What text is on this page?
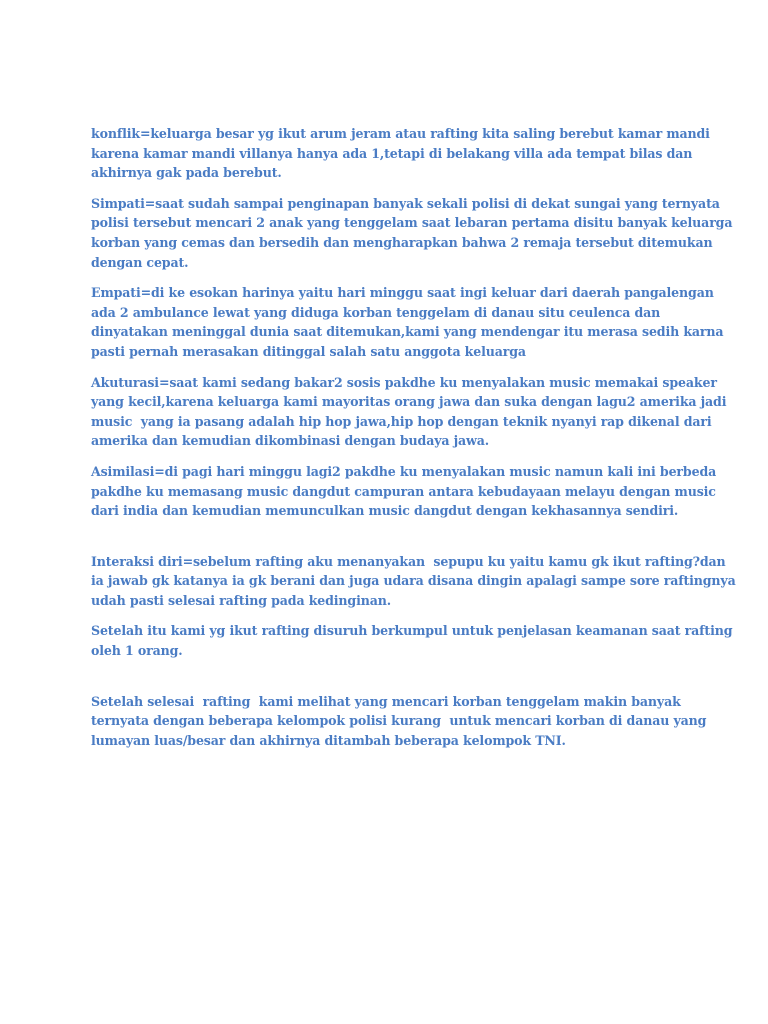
konflik=keluarga besar yg ikut arum jeram atau rafting kita saling berebut kamar mandi
karena kamar mandi villanya hanya ada 1,tetapi di belakang villa ada tempat bilas dan
akhirnya gak pada berebut.

Simpati=saat sudah sampai penginapan banyak sekali polisi di dekat sungai yang ternyata
polisi tersebut mencari 2 anak yang tenggelam saat lebaran pertama disitu banyak keluarga
korban yang cemas dan bersedih dan mengharapkan bahwa 2 remaja tersebut ditemukan
dengan cepat.

Empati=di ke esokan harinya yaitu hari minggu saat ingi keluar dari daerah pangalengan
ada 2 ambulance lewat yang diduga korban tenggelam di danau situ ceulenca dan
dinyatakan meninggal dunia saat ditemukan,kami yang mendengar itu merasa sedih karna
pasti pernah merasakan ditinggal salah satu anggota keluarga

Akuturasi=saat kami sedang bakar2 sosis pakdhe ku menyalakan music memakai speaker
yang kecil,karena keluarga kami mayoritas orang jawa dan suka dengan lagu2 amerika jadi
music  yang ia pasang adalah hip hop jawa,hip hop dengan teknik nyanyi rap dikenal dari
amerika dan kemudian dikombinasi dengan budaya jawa.

Asimilasi=di pagi hari minggu lagi2 pakdhe ku menyalakan music namun kali ini berbeda
pakdhe ku memasang music dangdut campuran antara kebudayaan melayu dengan music
dari india dan kemudian memunculkan music dangdut dengan kekhasannya sendiri.

Interaksi diri=sebelum rafting aku menanyakan  sepupu ku yaitu kamu gk ikut rafting?dan
ia jawab gk katanya ia gk berani dan juga udara disana dingin apalagi sampe sore raftingnya
udah pasti selesai rafting pada kedinginan.

Setelah itu kami yg ikut rafting disuruh berkumpul untuk penjelasan keamanan saat rafting
oleh 1 orang.

Setelah selesai  rafting  kami melihat yang mencari korban tenggelam makin banyak
ternyata dengan beberapa kelompok polisi kurang  untuk mencari korban di danau yang
lumayan luas/besar dan akhirnya ditambah beberapa kelompok TNI.
